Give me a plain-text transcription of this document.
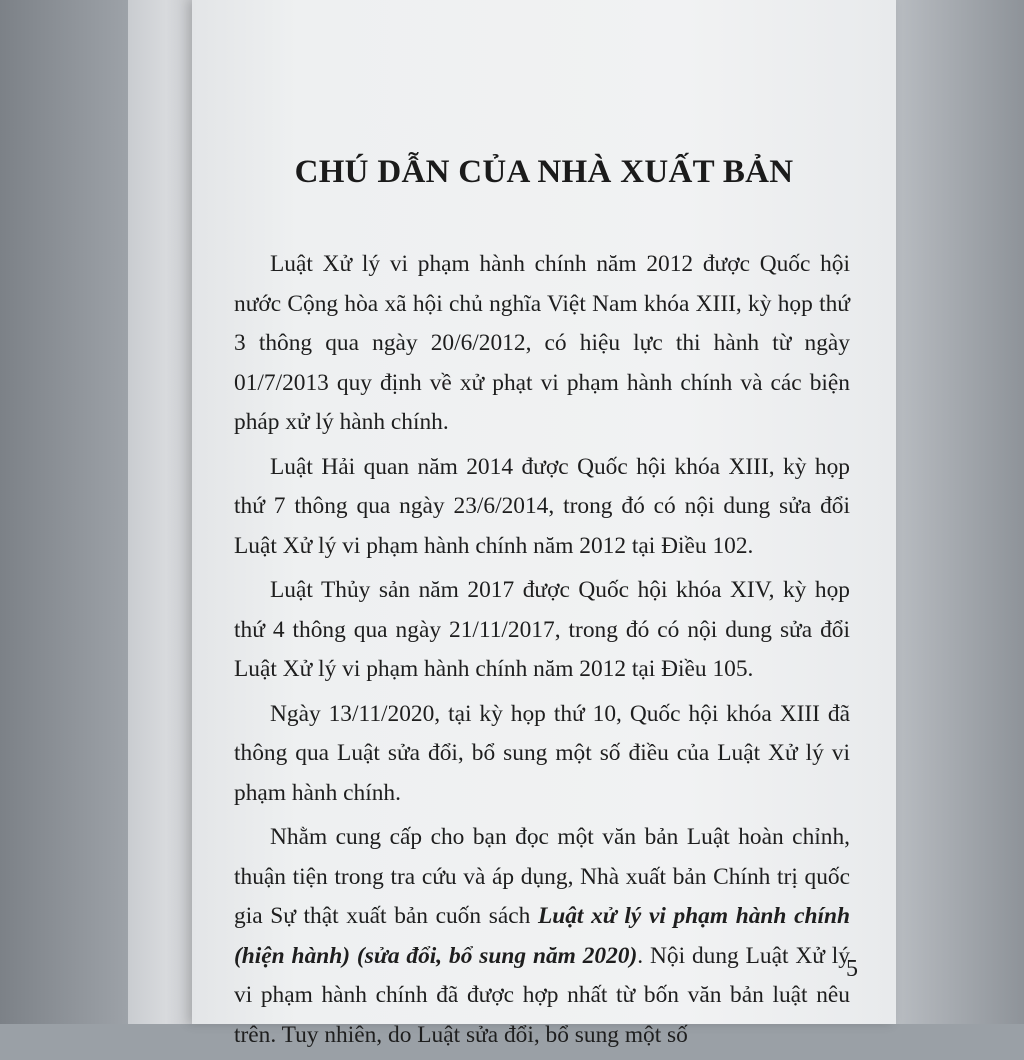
CHÚ DẪN CỦA NHÀ XUẤT BẢN

Luật Xử lý vi phạm hành chính năm 2012 được Quốc hội nước Cộng hòa xã hội chủ nghĩa Việt Nam khóa XIII, kỳ họp thứ 3 thông qua ngày 20/6/2012, có hiệu lực thi hành từ ngày 01/7/2013 quy định về xử phạt vi phạm hành chính và các biện pháp xử lý hành chính.

Luật Hải quan năm 2014 được Quốc hội khóa XIII, kỳ họp thứ 7 thông qua ngày 23/6/2014, trong đó có nội dung sửa đổi Luật Xử lý vi phạm hành chính năm 2012 tại Điều 102.

Luật Thủy sản năm 2017 được Quốc hội khóa XIV, kỳ họp thứ 4 thông qua ngày 21/11/2017, trong đó có nội dung sửa đổi Luật Xử lý vi phạm hành chính năm 2012 tại Điều 105.

Ngày 13/11/2020, tại kỳ họp thứ 10, Quốc hội khóa XIII đã thông qua Luật sửa đổi, bổ sung một số điều của Luật Xử lý vi phạm hành chính.

Nhằm cung cấp cho bạn đọc một văn bản Luật hoàn chỉnh, thuận tiện trong tra cứu và áp dụng, Nhà xuất bản Chính trị quốc gia Sự thật xuất bản cuốn sách Luật xử lý vi phạm hành chính (hiện hành) (sửa đổi, bổ sung năm 2020). Nội dung Luật Xử lý vi phạm hành chính đã được hợp nhất từ bốn văn bản luật nêu trên. Tuy nhiên, do Luật sửa đổi, bổ sung một số

5
